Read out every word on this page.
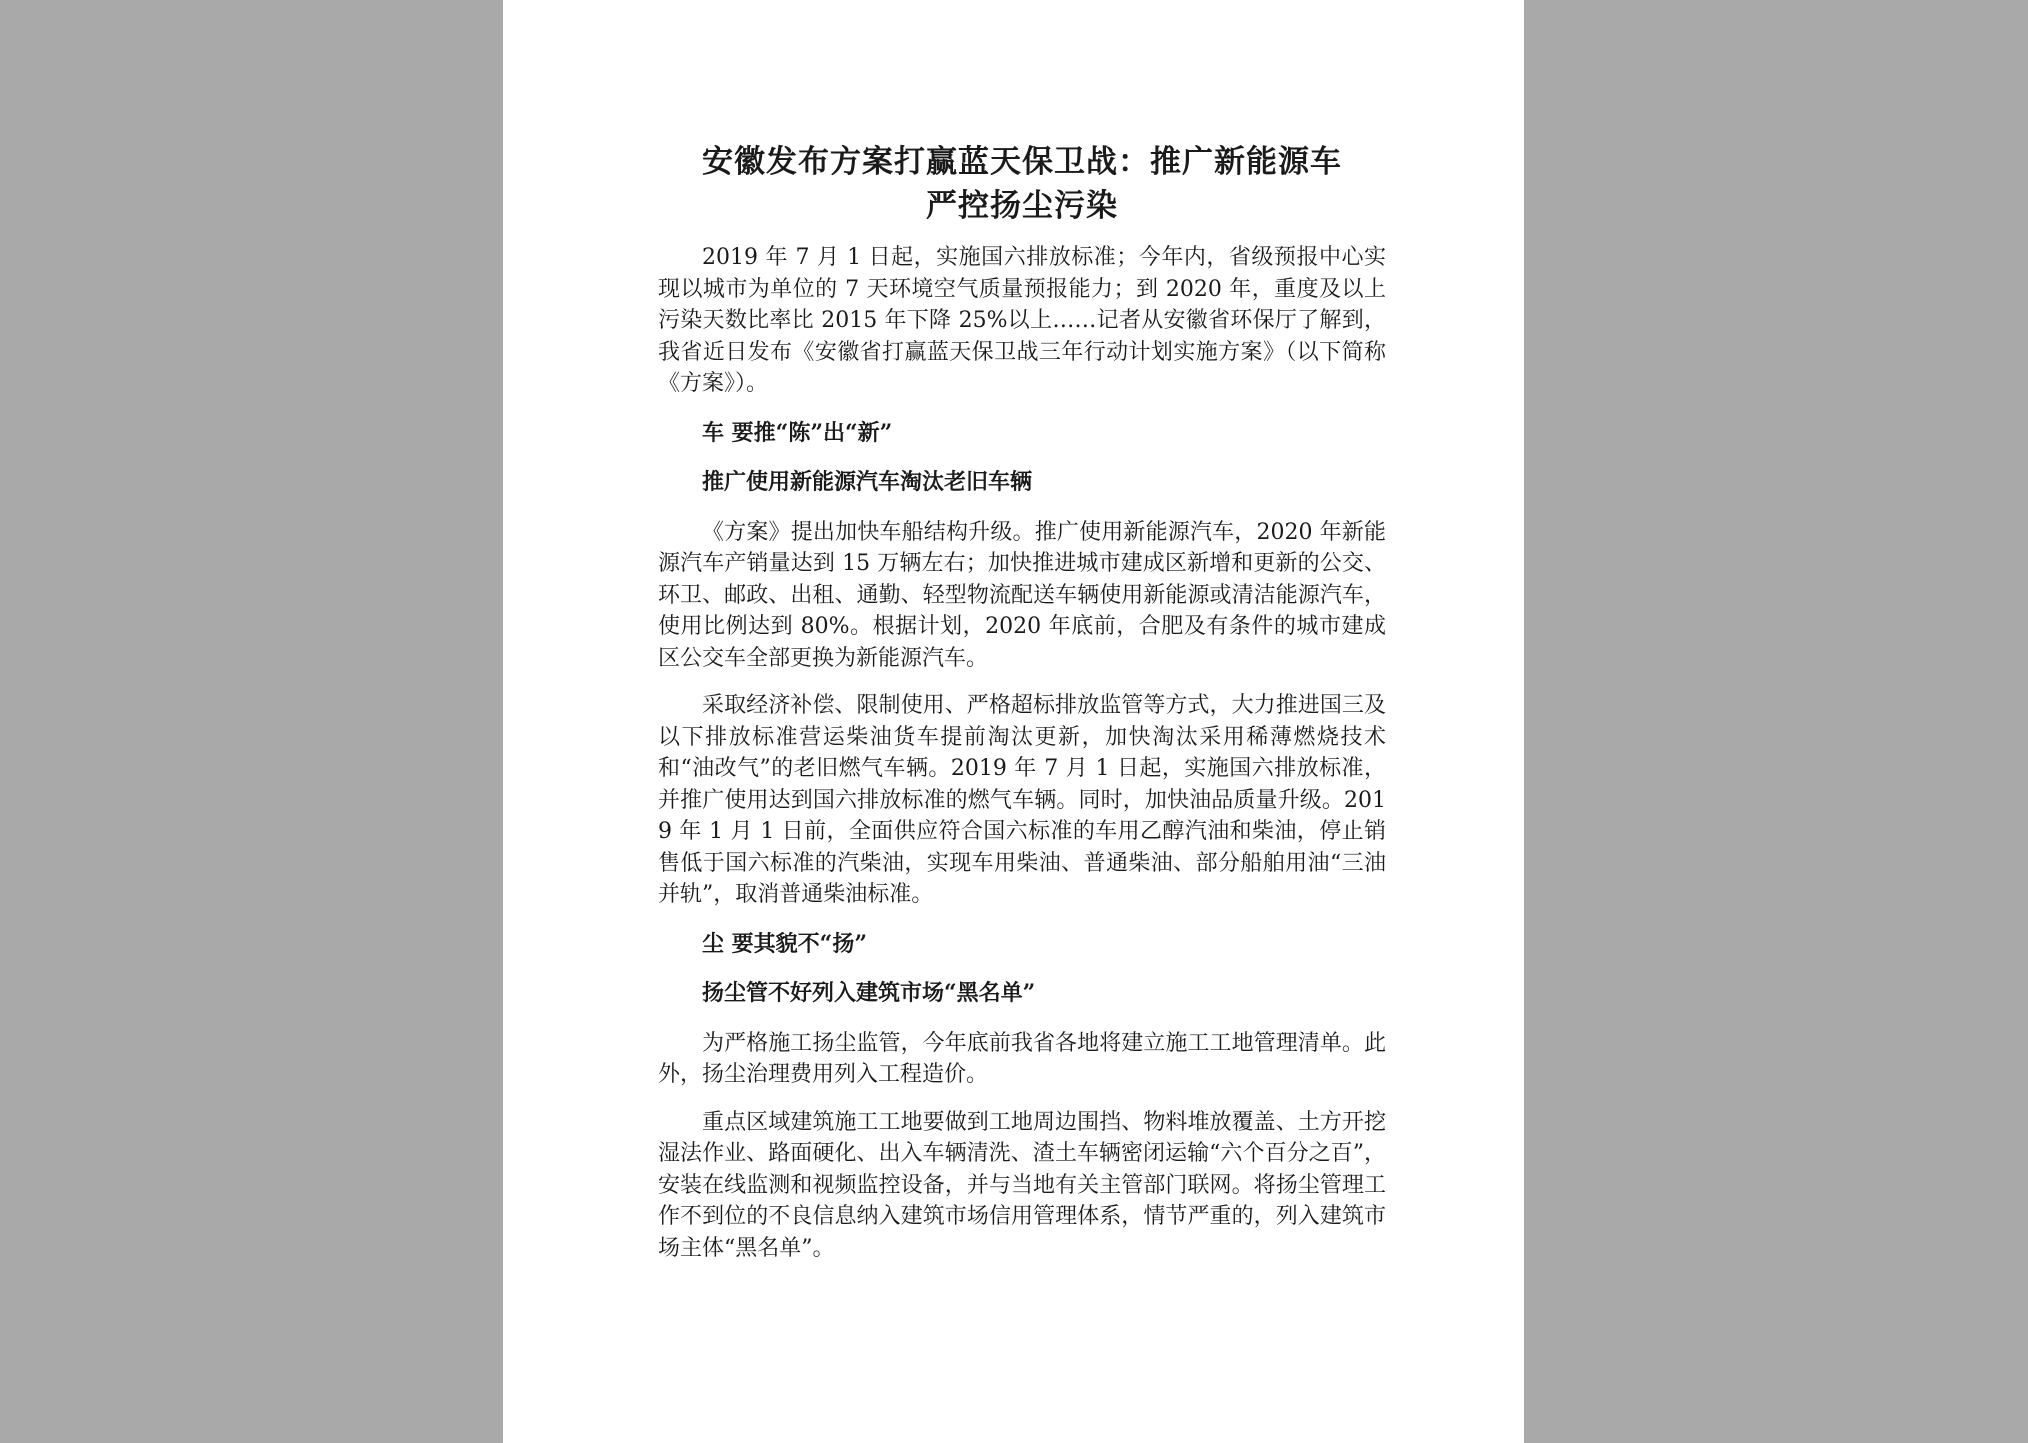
安徽发布方案打赢蓝天保卫战：推广新能源车
严控扬尘污染

2019 年 7 月 1 日起，实施国六排放标准；今年内，省级预报中心实现以城市为单位的 7 天环境空气质量预报能力；到 2020 年，重度及以上污染天数比率比 2015 年下降 25%以上……记者从安徽省环保厅了解到，我省近日发布《安徽省打赢蓝天保卫战三年行动计划实施方案》（以下简称《方案》）。

车 要推“陈”出“新”

推广使用新能源汽车淘汰老旧车辆

《方案》提出加快车船结构升级。推广使用新能源汽车，2020 年新能源汽车产销量达到 15 万辆左右；加快推进城市建成区新增和更新的公交、环卫、邮政、出租、通勤、轻型物流配送车辆使用新能源或清洁能源汽车，使用比例达到 80%。根据计划，2020 年底前，合肥及有条件的城市建成区公交车全部更换为新能源汽车。

采取经济补偿、限制使用、严格超标排放监管等方式，大力推进国三及以下排放标准营运柴油货车提前淘汰更新，加快淘汰采用稀薄燃烧技术和“油改气”的老旧燃气车辆。2019 年 7 月 1 日起，实施国六排放标准，并推广使用达到国六排放标准的燃气车辆。同时，加快油品质量升级。2019 年 1 月 1 日前，全面供应符合国六标准的车用乙醇汽油和柴油，停止销售低于国六标准的汽柴油，实现车用柴油、普通柴油、部分船舶用油“三油并轨”，取消普通柴油标准。

尘 要其貌不“扬”

扬尘管不好列入建筑市场“黑名单”

为严格施工扬尘监管，今年底前我省各地将建立施工工地管理清单。此外，扬尘治理费用列入工程造价。

重点区域建筑施工工地要做到工地周边围挡、物料堆放覆盖、土方开挖湿法作业、路面硬化、出入车辆清洗、渣土车辆密闭运输“六个百分之百”，安装在线监测和视频监控设备，并与当地有关主管部门联网。将扬尘管理工作不到位的不良信息纳入建筑市场信用管理体系，情节严重的，列入建筑市场主体“黑名单”。
